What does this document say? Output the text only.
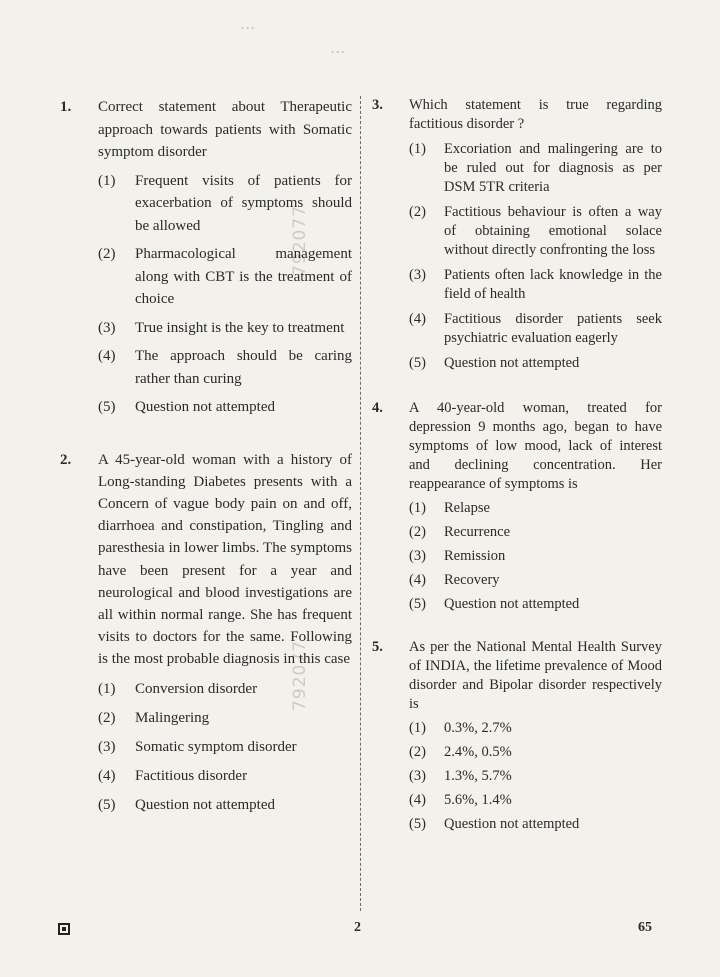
...
...
792077
792077
1.	Correct statement about Therapeutic approach towards patients with Somatic symptom disorder
(1)	Frequent visits of patients for exacerbation of symptoms should be allowed
(2)	Pharmacological management along with CBT is the treatment of choice
(3)	True insight is the key to treatment
(4)	The approach should be caring rather than curing
(5)	Question not attempted
2.	A 45-year-old woman with a history of Long-standing Diabetes presents with a Concern of vague body pain on and off, diarrhoea and constipation, Tingling and paresthesia in lower limbs. The symptoms have been present for a year and neurological and blood investigations are all within normal range. She has frequent visits to doctors for the same. Following is the most probable diagnosis in this case
(1)	Conversion disorder
(2)	Malingering
(3)	Somatic symptom disorder
(4)	Factitious disorder
(5)	Question not attempted
3.	Which statement is true regarding factitious disorder ?
(1)	Excoriation and malingering are to be ruled out for diagnosis as per DSM 5TR criteria
(2)	Factitious behaviour is often a way of obtaining emotional solace without directly confronting the loss
(3)	Patients often lack knowledge in the field of health
(4)	Factitious disorder patients seek psychiatric evaluation eagerly
(5)	Question not attempted
4.	A 40-year-old woman, treated for depression 9 months ago, began to have symptoms of low mood, lack of interest and declining concentration. Her reappearance of symptoms is
(1)	Relapse
(2)	Recurrence
(3)	Remission
(4)	Recovery
(5)	Question not attempted
5.	As per the National Mental Health Survey of INDIA, the lifetime prevalence of Mood disorder and Bipolar disorder respectively is
(1)	0.3%, 2.7%
(2)	2.4%, 0.5%
(3)	1.3%, 5.7%
(4)	5.6%, 1.4%
(5)	Question not attempted
2	65
